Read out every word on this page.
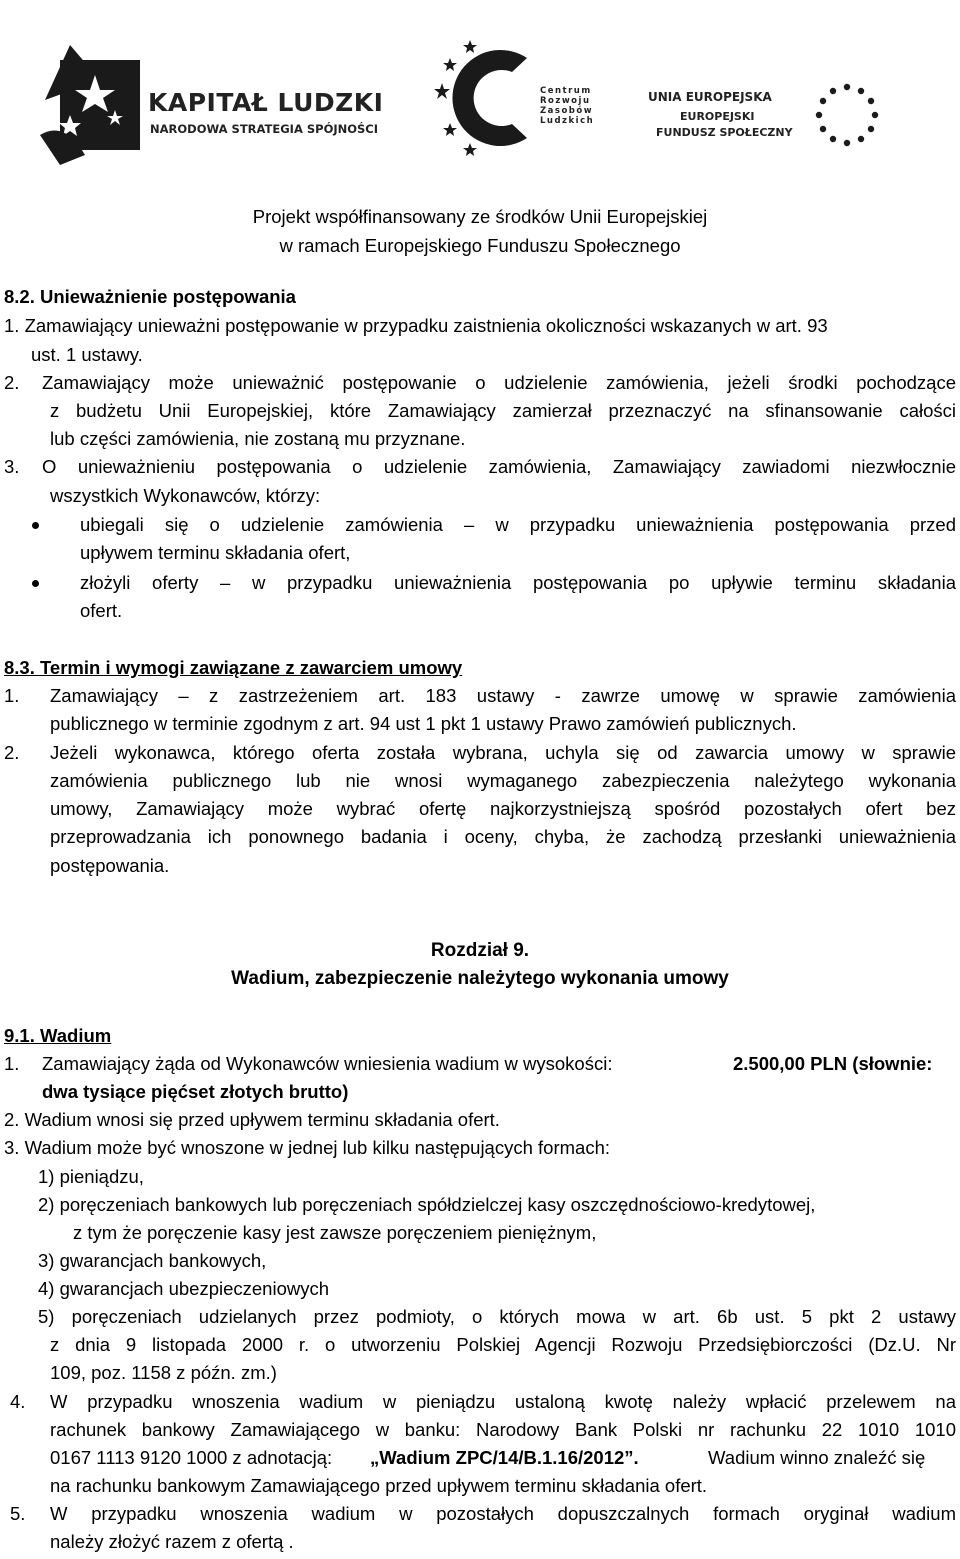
KAPITAŁ LUDZKI
NARODOWA STRATEGIA SPÓJNOŚCI
Centrum
Rozwoju
Zasobów
Ludzkich
UNIA EUROPEJSKA
EUROPEJSKI
FUNDUSZ SPOŁECZNY
Projekt współfinansowany ze środków Unii Europejskiej
w ramach Europejskiego Funduszu Społecznego
8.2. Unieważnienie postępowania
1. Zamawiający unieważni postępowanie w przypadku zaistnienia okoliczności wskazanych w art. 93
ust. 1 ustawy.
2. Zamawiający może unieważnić postępowanie o udzielenie zamówienia, jeżeli środki pochodzące
z budżetu Unii Europejskiej, które Zamawiający zamierzał przeznaczyć na sfinansowanie całości
lub części zamówienia, nie zostaną mu przyznane.
3. O unieważnieniu postępowania o udzielenie zamówienia, Zamawiający zawiadomi niezwłocznie
wszystkich Wykonawców, którzy:
ubiegali się o udzielenie zamówienia – w przypadku unieważnienia postępowania przed
upływem terminu składania ofert,
złożyli oferty – w przypadku unieważnienia postępowania po upływie terminu składania
ofert.
8.3. Termin i wymogi zawiązane z zawarciem umowy
1. Zamawiający – z zastrzeżeniem art. 183 ustawy - zawrze umowę w sprawie zamówienia
publicznego w terminie zgodnym z art. 94 ust 1 pkt 1 ustawy Prawo zamówień publicznych.
2. Jeżeli wykonawca, którego oferta została wybrana, uchyla się od zawarcia umowy w sprawie
zamówienia publicznego lub nie wnosi wymaganego zabezpieczenia należytego wykonania
umowy, Zamawiający może wybrać ofertę najkorzystniejszą spośród pozostałych ofert bez
przeprowadzania ich ponownego badania i oceny, chyba, że zachodzą przesłanki unieważnienia
postępowania.
Rozdział 9.
Wadium, zabezpieczenie należytego wykonania umowy
9.1. Wadium
1. Zamawiający żąda od Wykonawców wniesienia wadium w wysokości:	2.500,00 PLN (słownie:
dwa tysiące pięćset złotych brutto)
2. Wadium wnosi się przed upływem terminu składania ofert.
3. Wadium może być wnoszone w jednej lub kilku następujących formach:
1) pieniądzu,
2) poręczeniach bankowych lub poręczeniach spółdzielczej kasy oszczędnościowo-kredytowej,
z tym że poręczenie kasy jest zawsze poręczeniem pieniężnym,
3) gwarancjach bankowych,
4) gwarancjach ubezpieczeniowych
5) poręczeniach udzielanych przez podmioty, o których mowa w art. 6b ust. 5 pkt 2 ustawy
z dnia 9 listopada 2000 r. o utworzeniu Polskiej Agencji Rozwoju Przedsiębiorczości (Dz.U. Nr
109, poz. 1158 z późn. zm.)
4. W przypadku wnoszenia wadium w pieniądzu ustaloną kwotę należy wpłacić przelewem na
rachunek bankowy Zamawiającego w banku: Narodowy Bank Polski nr rachunku 22 1010 1010
0167 1113 9120 1000 z adnotacją: „Wadium ZPC/14/B.1.16/2012”.	Wadium winno znaleźć się
na rachunku bankowym Zamawiającego przed upływem terminu składania ofert.
5. W przypadku wnoszenia wadium w pozostałych dopuszczalnych formach oryginał wadium
należy złożyć razem z ofertą .
